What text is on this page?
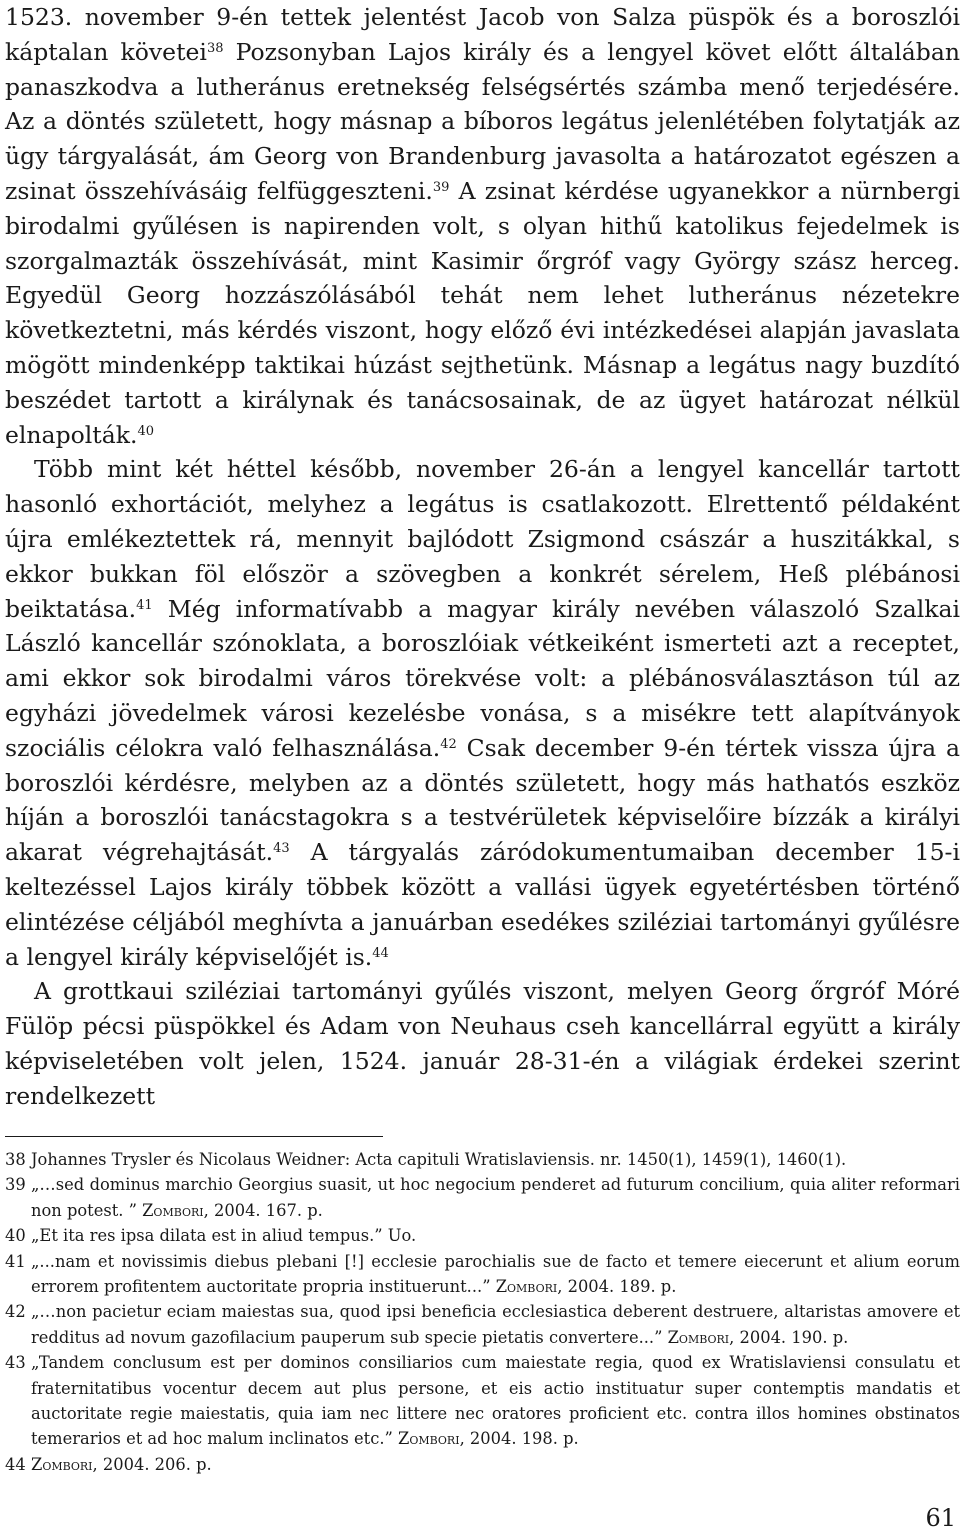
1523. november 9-én tettek jelentést Jacob von Salza püspök és a boroszlói káptalan követei$^{38}$ Pozsonyban Lajos király és a lengyel követ előtt általában panaszkodva a lutheránus eretnekség felségsértés számba menő terjedésére. Az a döntés született, hogy másnap a bíboros legátus jelenlétében folytatják az ügy tárgyalását, ám Georg von Brandenburg javasolta a határozatot egészen a zsinat összehívásáig felfüggeszteni.$^{39}$ A zsinat kérdése ugyanekkor a nürnbergi birodalmi gyűlésen is napirenden volt, s olyan hithű katolikus fejedelmek is szorgalmazták összehívását, mint Kasimir őrgróf vagy György szász herceg. Egyedül Georg hozzászólásából tehát nem lehet lutheránus nézetekre következtetni, más kérdés viszont, hogy előző évi intézkedései alapján javaslata mögött mindenképp taktikai húzást sejthetünk. Másnap a legátus nagy buzdító beszédet tartott a királynak és tanácsosainak, de az ügyet határozat nélkül elnapolták.$^{40}$

Több mint két héttel később, november 26-án a lengyel kancellár tartott hasonló exhortációt, melyhez a legátus is csatlakozott. Elrettentő példaként újra emlékeztettek rá, mennyit bajlódott Zsigmond császár a huszitákkal, s ekkor bukkan föl először a szövegben a konkrét sérelem, Heß plébánosi beiktatása.$^{41}$ Még informatívabb a magyar király nevében válaszoló Szalkai László kancellár szónoklata, a boroszlóiak vétkeiként ismerteti azt a receptet, ami ekkor sok birodalmi város törekvése volt: a plébánosválasztáson túl az egyházi jövedelmek városi kezelésbe vonása, s a misékre tett alapítványok szociális célokra való felhasználása.$^{42}$ Csak december 9-én tértek vissza újra a boroszlói kérdésre, melyben az a döntés született, hogy más hathatós eszköz híján a boroszlói tanácstagokra s a testvérületek képviselőire bízzák a királyi akarat végrehajtását.$^{43}$ A tárgyalás záródokumentumaiban december 15-i keltezéssel Lajos király többek között a vallási ügyek egyetértésben történő elintézése céljából meghívta a januárban esedékes sziléziai tartományi gyűlésre a lengyel király képviselőjét is.$^{44}$

A grottkaui sziléziai tartományi gyűlés viszont, melyen Georg őrgróf Móré Fülöp pécsi püspökkel és Adam von Neuhaus cseh kancellárral együtt a király képviseletében volt jelen, 1524. január 28-31-én a világiak érdekei szerint rendelkezett

38 Johannes Trysler és Nicolaus Weidner: Acta capituli Wratislaviensis. nr. 1450(1), 1459(1), 1460(1).
39 „…sed dominus marchio Georgius suasit, ut hoc negocium penderet ad futurum concilium, quia aliter reformari non potest. ” Zombori, 2004. 167. p.
40 „Et ita res ipsa dilata est in aliud tempus.” Uo.
41 „...nam et novissimis diebus plebani [!] ecclesie parochialis sue de facto et temere eiecerunt et alium eorum errorem profitentem auctoritate propria instituerunt...” Zombori, 2004. 189. p.
42 „…non pacietur eciam maiestas sua, quod ipsi beneficia ecclesiastica deberent destruere, altaristas amovere et redditus ad novum gazofilacium pauperum sub specie pietatis convertere...” Zombori, 2004. 190. p.
43 „Tandem conclusum est per dominos consiliarios cum maiestate regia, quod ex Wratislaviensi consulatu et fraternitatibus vocentur decem aut plus persone, et eis actio instituatur super contemptis mandatis et auctoritate regie maiestatis, quia iam nec littere nec oratores proficient etc. contra illos homines obstinatos temerarios et ad hoc malum inclinatos etc.” Zombori, 2004. 198. p.
44 Zombori, 2004. 206. p.
61
